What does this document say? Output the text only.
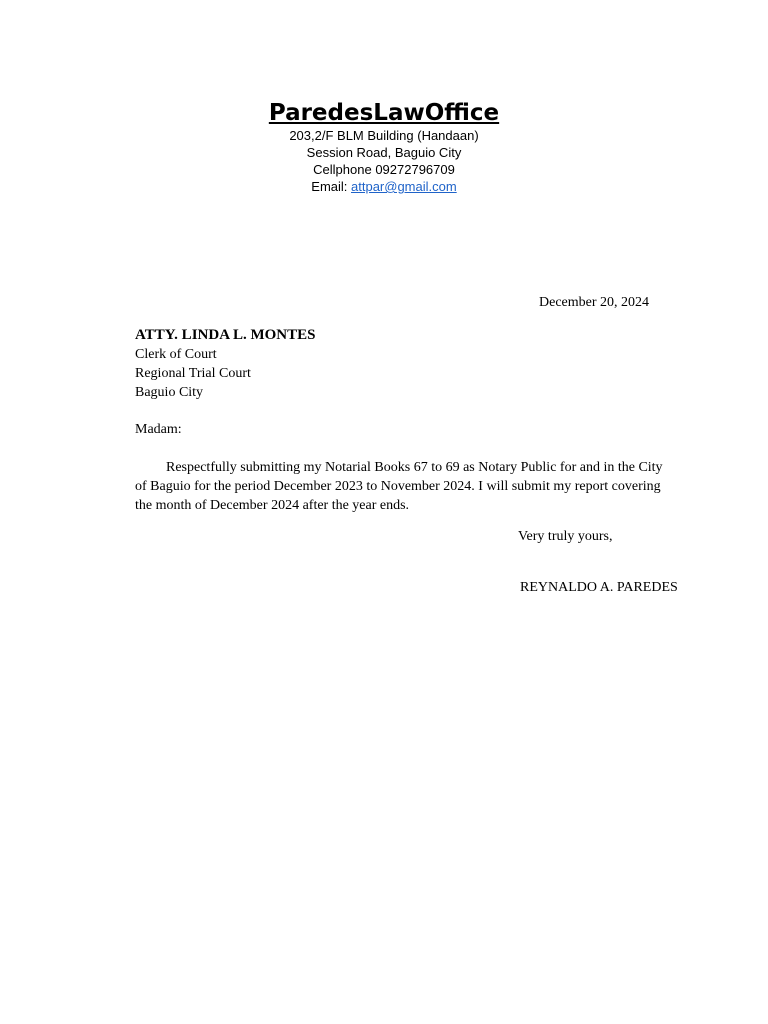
ParedesLawOffice
203,2/F BLM Building (Handaan)
Session Road, Baguio City
Cellphone 09272796709
Email: attpar@gmail.com
December 20, 2024
ATTY. LINDA L. MONTES
Clerk of Court
Regional Trial Court
Baguio City
Madam:
Respectfully submitting my Notarial Books 67 to 69 as Notary Public for and in the City of Baguio for the period December 2023 to November 2024. I will submit my report covering the month of December 2024 after the year ends.
Very truly yours,
REYNALDO A. PAREDES
